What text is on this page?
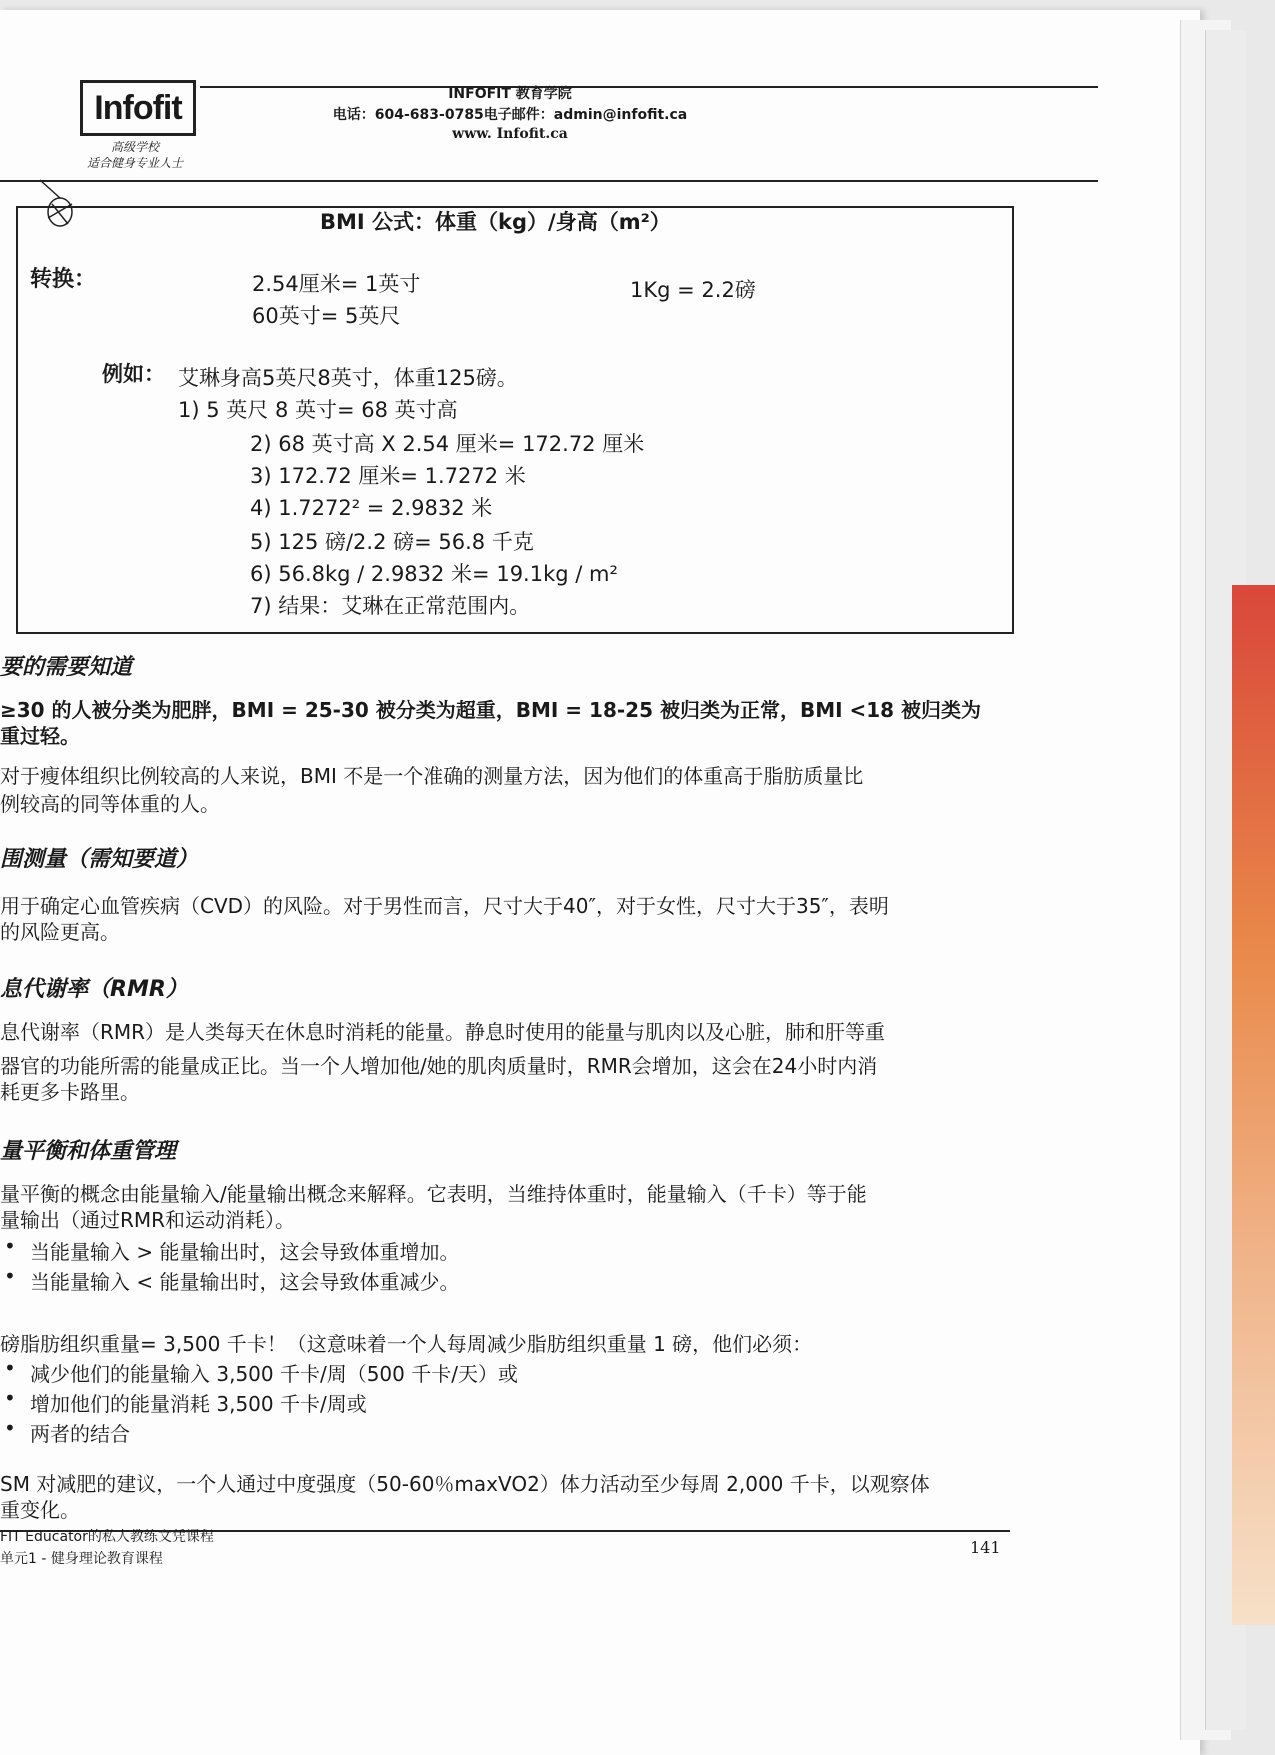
Infofit
高级学校
适合健身专业人士
INFOFIT 教育学院
电话：604-683-0785电子邮件：admin@infofit.ca
www. Infofit.ca
BMI 公式：体重（kg）/身高（m²）
转换：	2.54厘米= 1英寸
60英寸= 5英尺
1Kg = 2.2磅
例如： 艾琳身高5英尺8英寸，体重125磅。
1) 5 英尺 8 英寸= 68 英寸高
2) 68 英寸高 X 2.54 厘米= 172.72 厘米
3) 172.72 厘米= 1.7272 米
4) 1.7272² = 2.9832 米
5) 125 磅/2.2 磅= 56.8 千克
6) 56.8kg / 2.9832 米= 19.1kg / m²
7) 结果：艾琳在正常范围内。
要的需要知道
≥30 的人被分类为肥胖，BMI = 25-30 被分类为超重，BMI = 18-25 被归类为正常，BMI <18 被归类为
重过轻。
对于瘦体组织比例较高的人来说，BMI 不是一个准确的测量方法，因为他们的体重高于脂肪质量比
例较高的同等体重的人。
围测量（需知要道）
用于确定心血管疾病（CVD）的风险。对于男性而言，尺寸大于40″，对于女性，尺寸大于35″，表明
的风险更高。
息代谢率（RMR）
息代谢率（RMR）是人类每天在休息时消耗的能量。静息时使用的能量与肌肉以及心脏，肺和肝等重
器官的功能所需的能量成正比。当一个人增加他/她的肌肉质量时，RMR会增加，这会在24小时内消
耗更多卡路里。
量平衡和体重管理
量平衡的概念由能量输入/能量输出概念来解释。它表明，当维持体重时，能量输入（千卡）等于能
量输出（通过RMR和运动消耗）。
• 当能量输入 > 能量输出时，这会导致体重增加。
• 当能量输入 < 能量输出时，这会导致体重减少。
磅脂肪组织重量= 3,500 千卡！（这意味着一个人每周减少脂肪组织重量 1 磅，他们必须：
• 减少他们的能量输入 3,500 千卡/周（500 千卡/天）或
• 增加他们的能量消耗 3,500 千卡/周或
• 两者的结合
SM 对减肥的建议，一个人通过中度强度（50-60％maxVO2）体力活动至少每周 2,000 千卡，以观察体
重变化。
FIT Educator的私人教练文凭课程
单元1 - 健身理论教育课程
141
